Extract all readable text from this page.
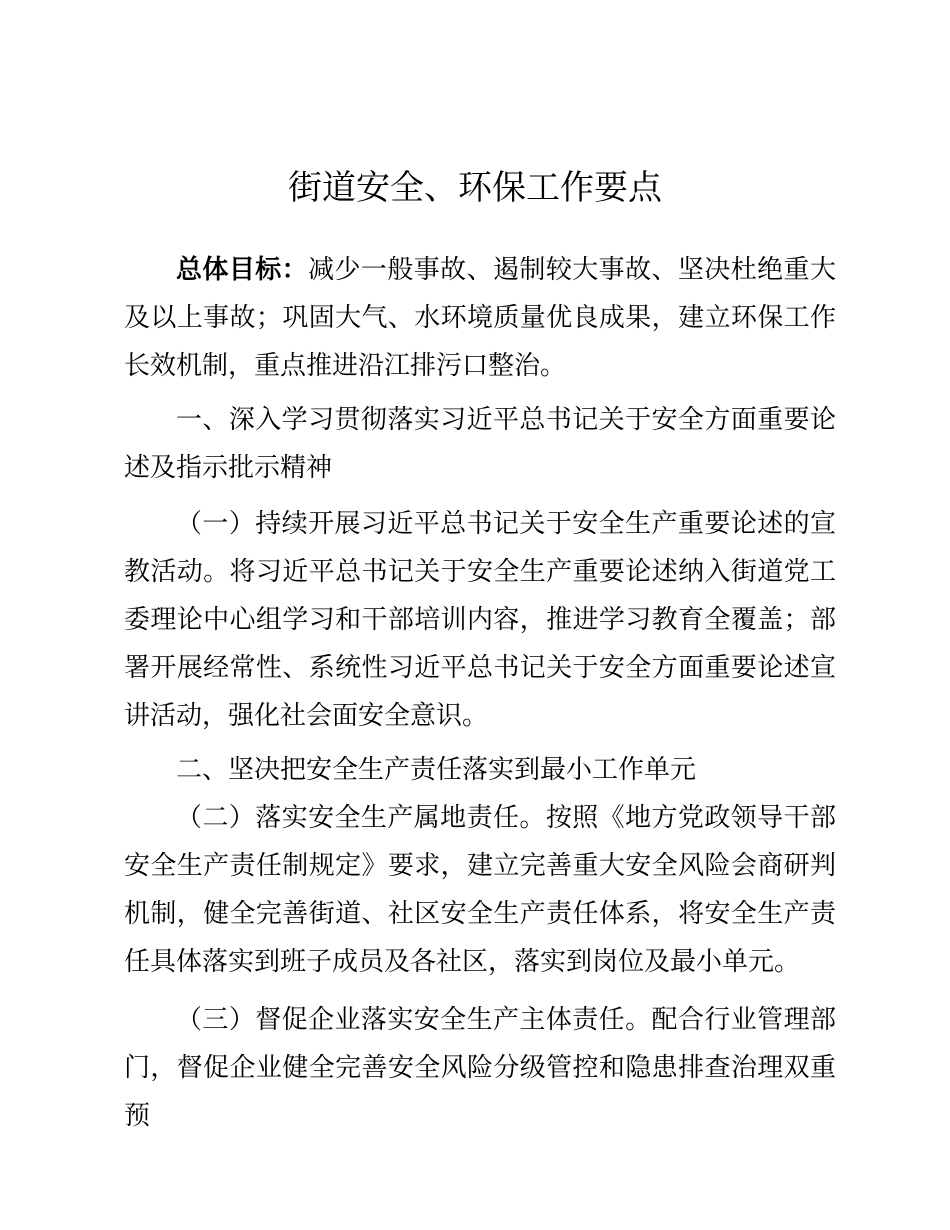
街道安全、环保工作要点

总体目标：减少一般事故、遏制较大事故、坚决杜绝重大及以上事故；巩固大气、水环境质量优良成果，建立环保工作长效机制，重点推进沿江排污口整治。

一、深入学习贯彻落实习近平总书记关于安全方面重要论述及指示批示精神

（一）持续开展习近平总书记关于安全生产重要论述的宣教活动。将习近平总书记关于安全生产重要论述纳入街道党工委理论中心组学习和干部培训内容，推进学习教育全覆盖；部署开展经常性、系统性习近平总书记关于安全方面重要论述宣讲活动，强化社会面安全意识。

二、坚决把安全生产责任落实到最小工作单元

（二）落实安全生产属地责任。按照《地方党政领导干部安全生产责任制规定》要求，建立完善重大安全风险会商研判机制，健全完善街道、社区安全生产责任体系，将安全生产责任具体落实到班子成员及各社区，落实到岗位及最小单元。

（三）督促企业落实安全生产主体责任。配合行业管理部门，督促企业健全完善安全风险分级管控和隐患排查治理双重预
